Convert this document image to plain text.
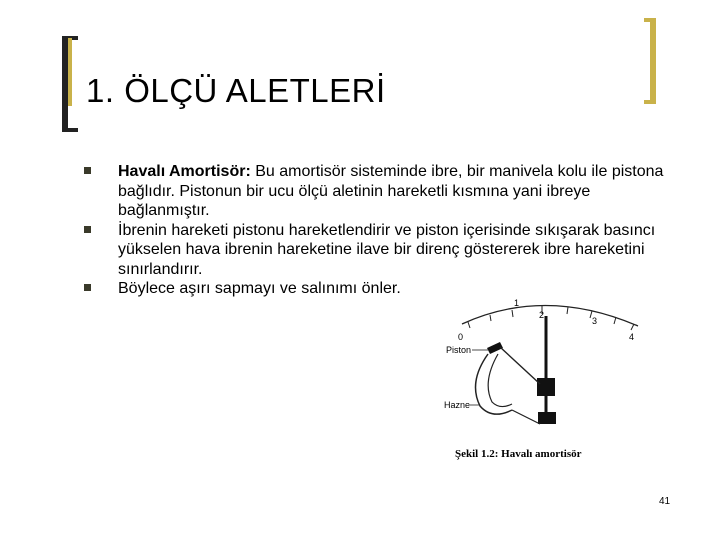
1. ÖLÇÜ ALETLERİ
Havalı Amortisör: Bu amortisör sisteminde ibre, bir manivela kolu ile pistona bağlıdır. Pistonun bir ucu ölçü aletinin hareketli kısmına yani ibreye bağlanmıştır.
İbrenin hareketi pistonu hareketlendirir ve piston içerisinde sıkışarak basıncı yükselen hava ibrenin hareketine ilave bir direnç göstererek ibre hareketini sınırlandırır.
Böylece aşırı sapmayı ve salınımı önler.
0
1
2
3
4
Piston
Hazne
Şekil 1.2: Havalı amortisör
41
